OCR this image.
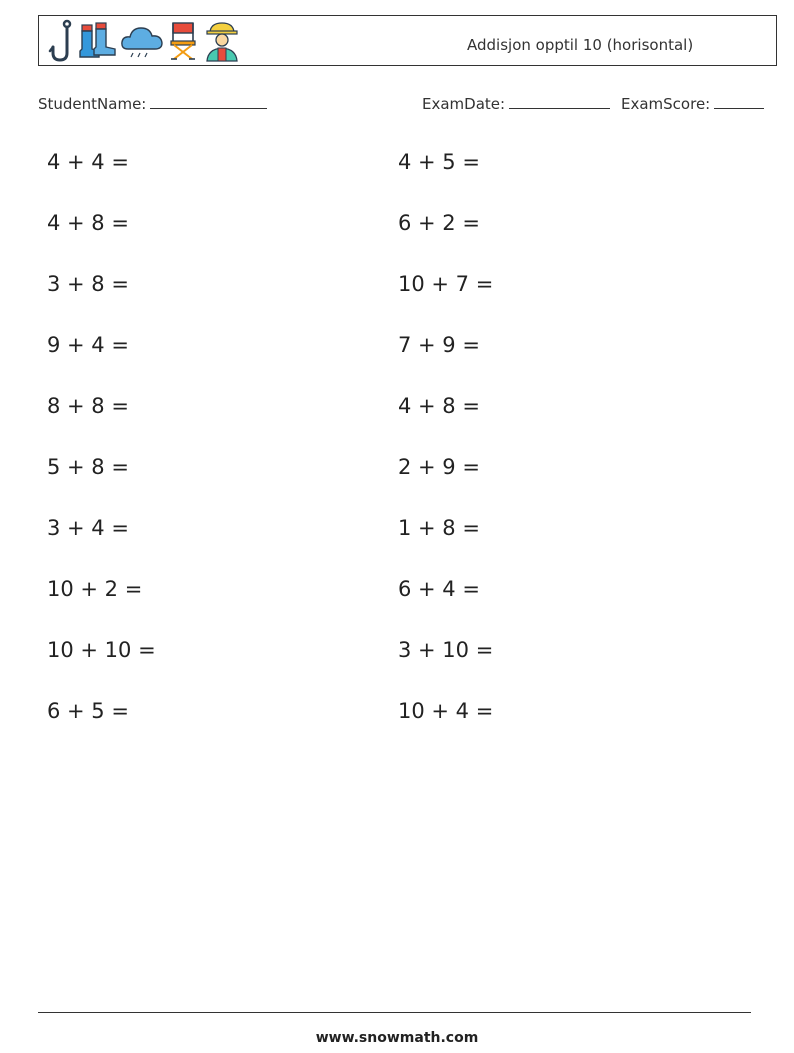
Addisjon opptil 10 (horisontal)
StudentName:	ExamDate:	ExamScore:
4 + 4 =
4 + 8 =
3 + 8 =
9 + 4 =
8 + 8 =
5 + 8 =
3 + 4 =
10 + 2 =
10 + 10 =
6 + 5 =
4 + 5 =
6 + 2 =
10 + 7 =
7 + 9 =
4 + 8 =
2 + 9 =
1 + 8 =
6 + 4 =
3 + 10 =
10 + 4 =
www.snowmath.com
